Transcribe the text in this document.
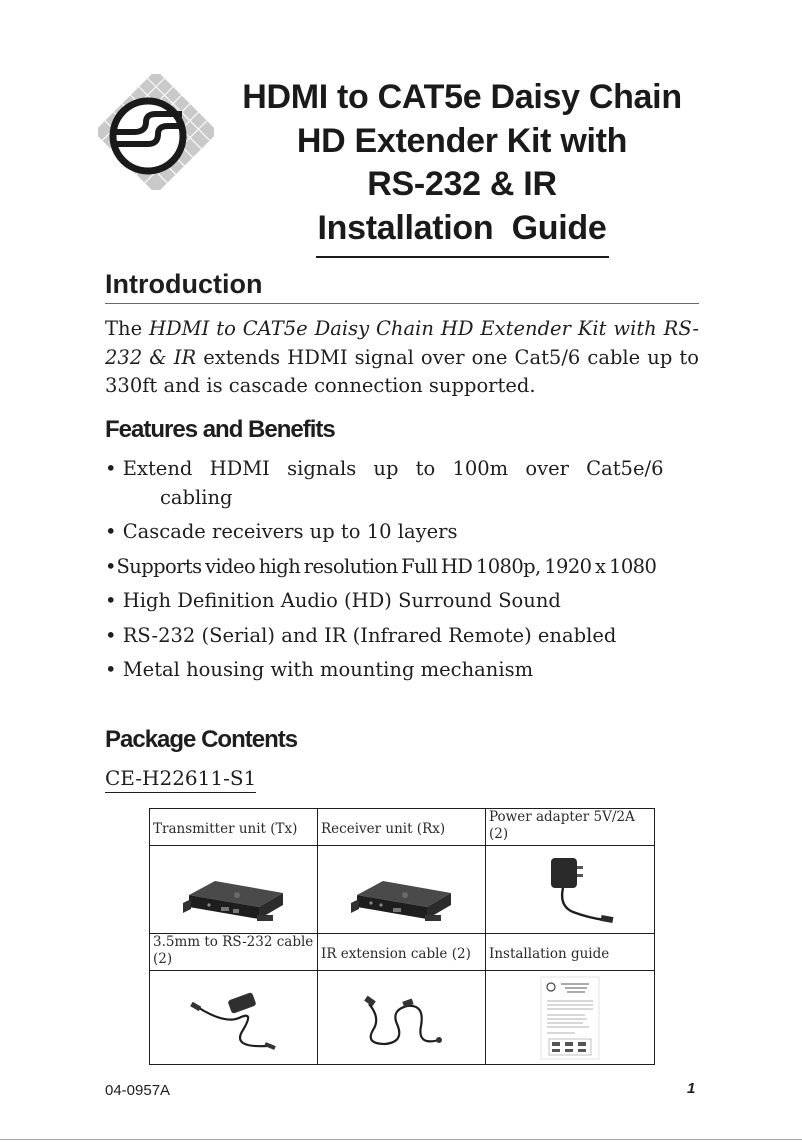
HDMI to CAT5e Daisy Chain
HD Extender Kit with
RS-232 & IR
Installation  Guide
Introduction
The HDMI to CAT5e Daisy Chain HD Extender Kit with RS-232 & IR extends HDMI signal over one Cat5/6 cable up to 330ft and is cascade connection supported.
Features and Benefits
• Extend HDMI signals up to 100m over Cat5e/6 cabling
• Cascade receivers up to 10 layers
•Supports video high resolution Full HD 1080p, 1920 x 1080
• High Definition Audio (HD) Surround Sound
• RS-232 (Serial) and IR (Infrared Remote) enabled
• Metal housing with mounting mechanism
Package Contents
CE-H22611-S1
Transmitter unit (Tx)	Receiver unit (Rx)	Power adapter 5V/2A (2)

3.5mm to RS-232 cable (2)	IR extension cable (2)	Installation guide

04-0957A	1
